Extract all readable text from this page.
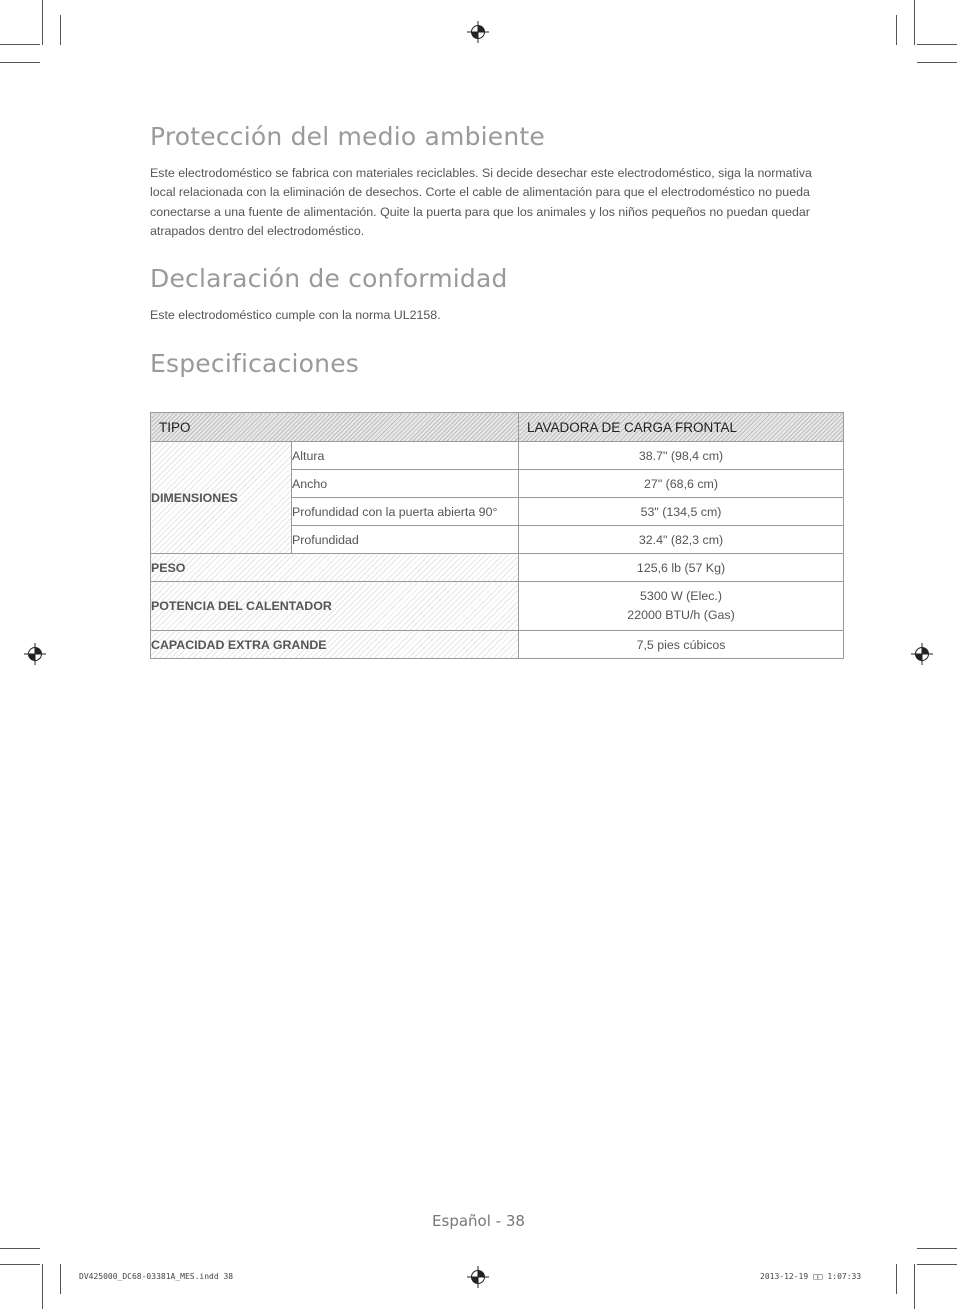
Protección del medio ambiente

Este electrodoméstico se fabrica con materiales reciclables. Si decide desechar este electrodoméstico, siga la normativa local relacionada con la eliminación de desechos. Corte el cable de alimentación para que el electrodoméstico no pueda conectarse a una fuente de alimentación. Quite la puerta para que los animales y los niños pequeños no puedan quedar atrapados dentro del electrodoméstico.

Declaración de conformidad

Este electrodoméstico cumple con la norma UL2158.

Especificaciones
TIPO		LAVADORA DE CARGA FRONTAL
DIMENSIONES	Altura	38.7" (98,4 cm)
	Ancho	27" (68,6 cm)
	Profundidad con la puerta abierta 90°	53" (134,5 cm)
	Profundidad	32.4" (82,3 cm)
PESO		125,6 lb (57 Kg)
POTENCIA DEL CALENTADOR		5300 W (Elec.)
22000 BTU/h (Gas)

CAPACIDAD EXTRA GRANDE		7,5 pies cúbicos
Español - 38
DV425000_DC68-03381A_MES.indd 38	2013-12-19 □□ 1:07:33
